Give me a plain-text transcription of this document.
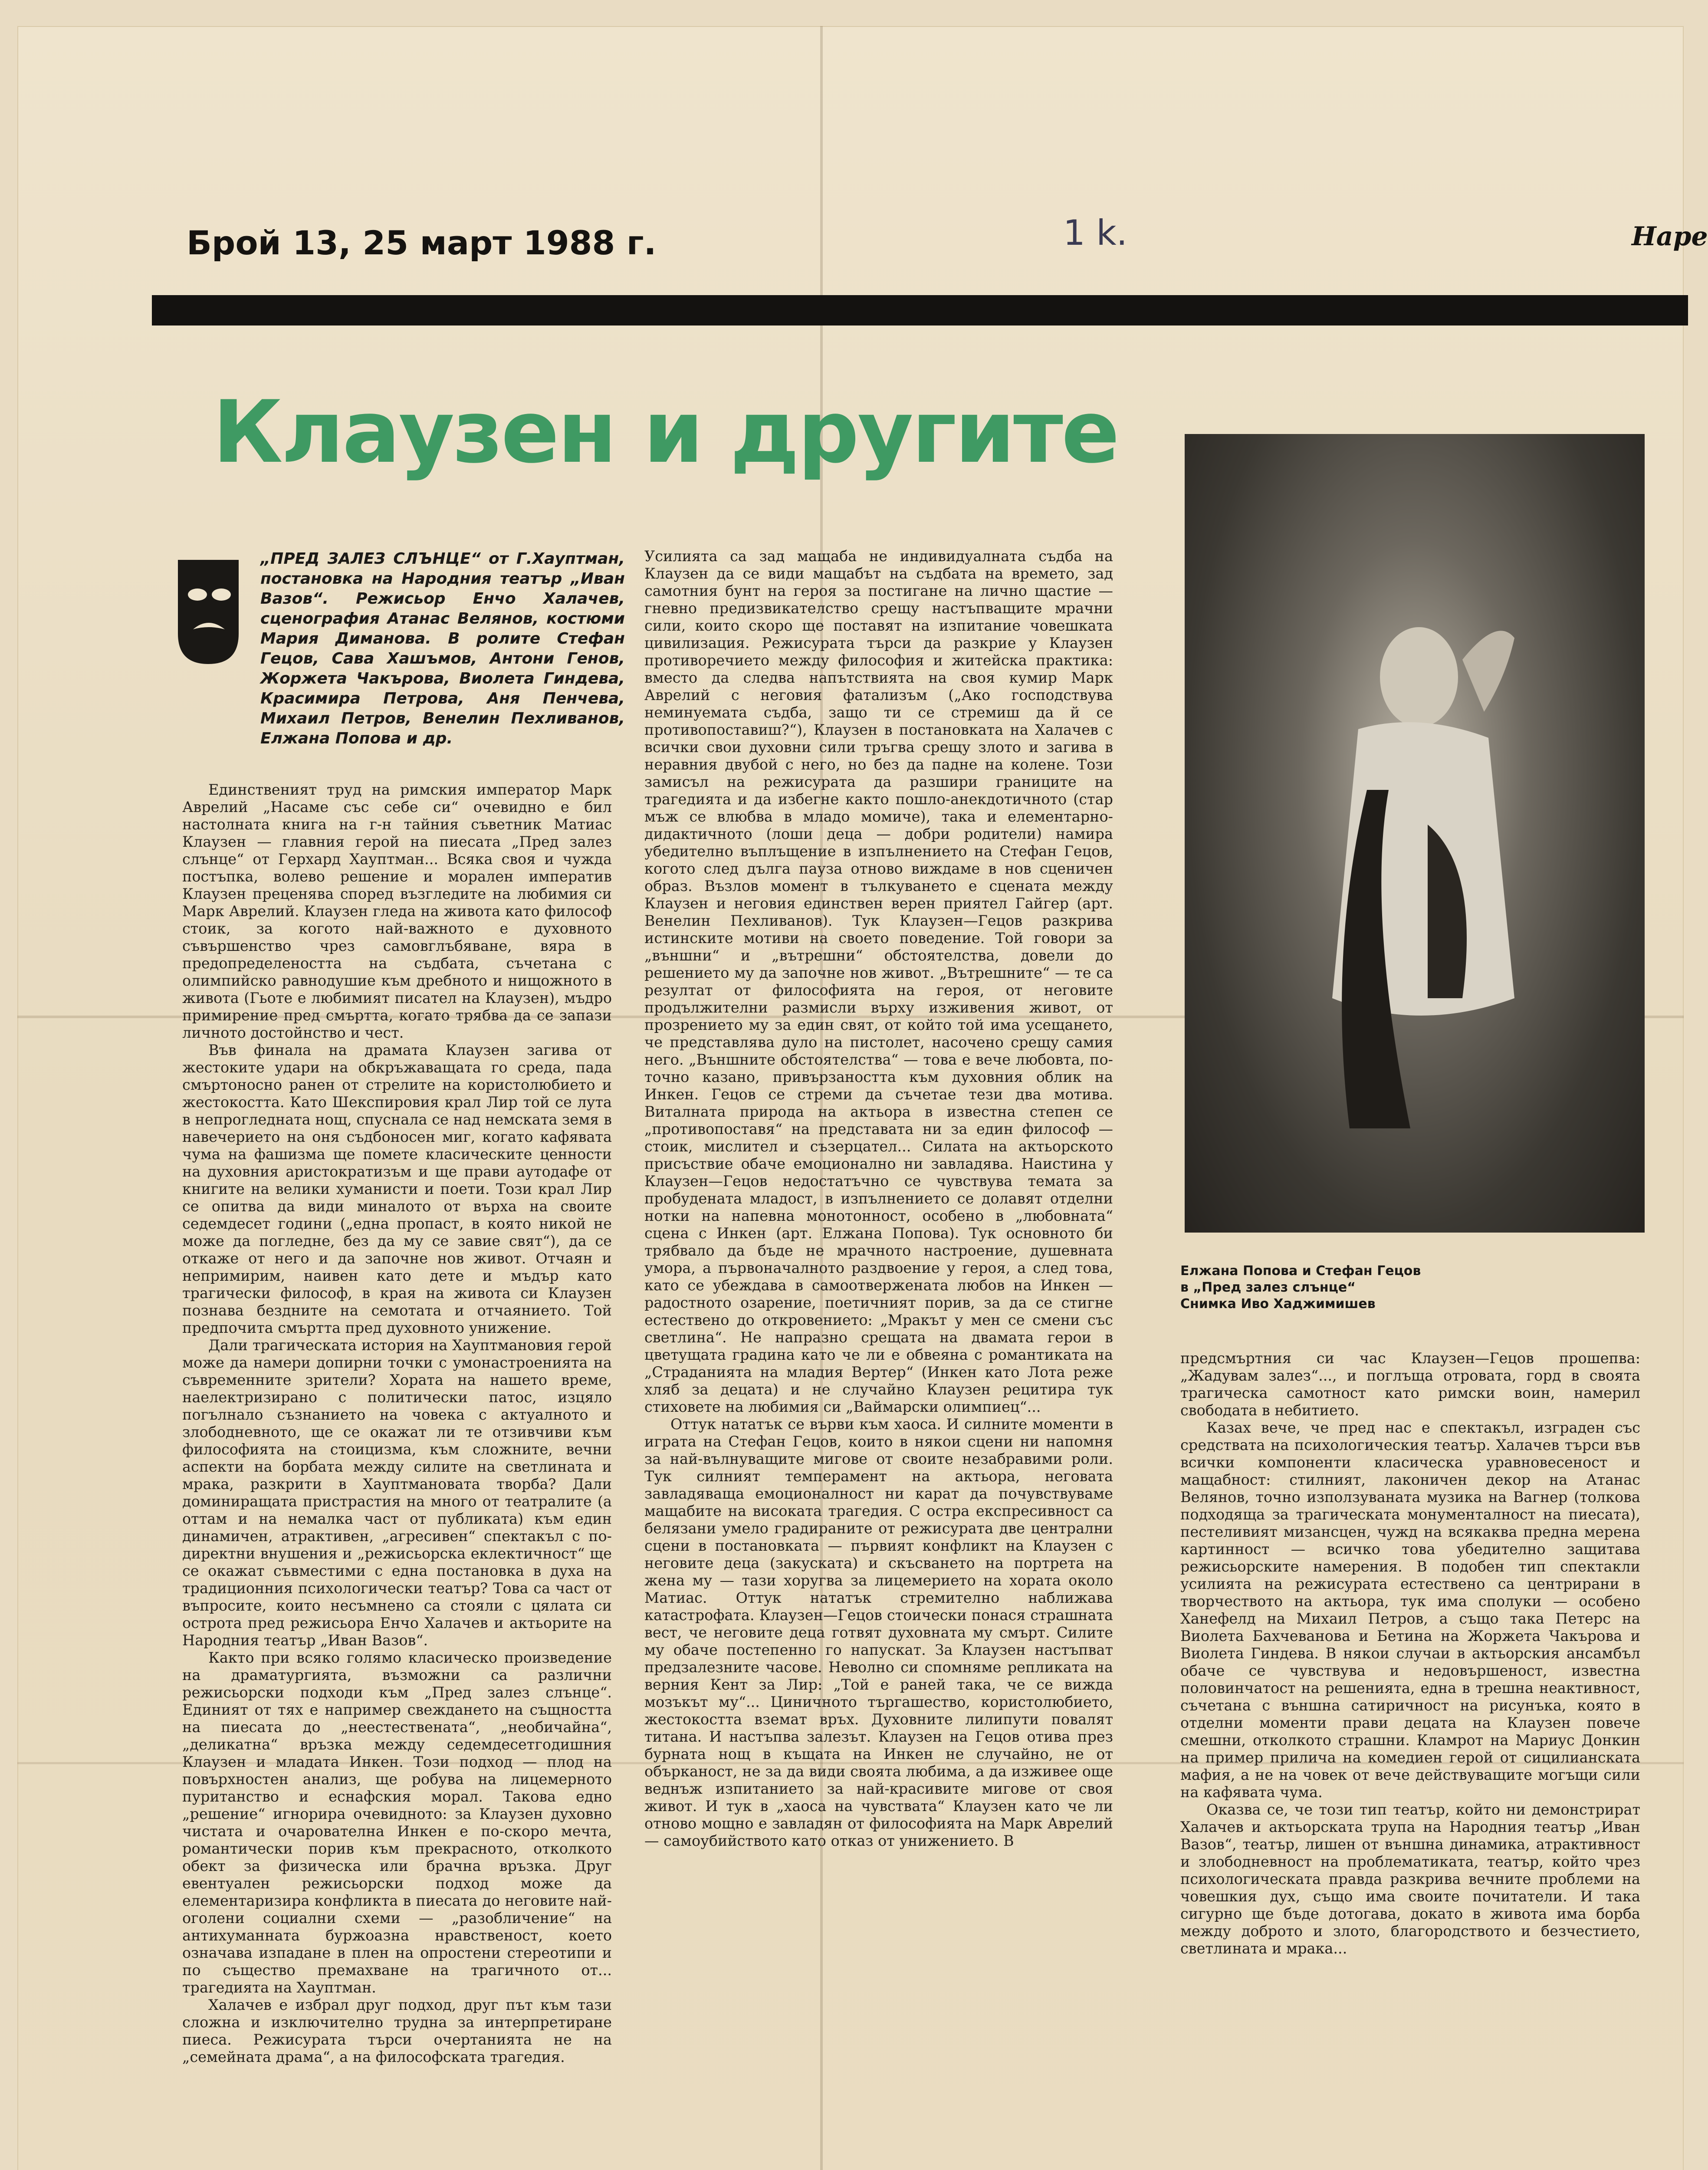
Брой 13, 25 март 1988 г.	1 k.	Наре
Клаузен и другите
„ПРЕД ЗАЛЕЗ СЛЪНЦЕ“ от Г.Хауптман, постановка на Народния театър „Иван Вазов“. Режисьор Енчо Халачев, сценография Атанас Велянов, костюми Мария Диманова. В ролите Стефан Гецов, Сава Хашъмов, Антони Генов, Жоржета Чакърова, Виолета Гиндева, Красимира Петрова, Аня Пенчева, Михаил Петров, Венелин Пехливанов, Елжана Попова и др.

Единственият труд на римския император Марк Аврелий „Насаме със себе си“ очевидно е бил настолната книга на г-н тайния съветник Матиас Клаузен — главния герой на пиесата „Пред залез слънце“ от Герхард Хауптман... Всяка своя и чужда постъпка, волево решение и морален императив Клаузен преценява според възгледите на любимия си Марк Аврелий. Клаузен гледа на живота като философ стоик, за когото най-важното е духовното съвършенство чрез самовглъбяване, вяра в предопределеността на съдбата, съчетана с олимпийско равнодушие към дребното и нищожното в живота (Гьоте е любимият писател на Клаузен), мъдро примирение пред смъртта, когато трябва да се запази личното достойнство и чест.

Във финала на драмата Клаузен загива от жестоките удари на обкръжаващата го среда, пада смъртоносно ранен от стрелите на користолюбието и жестокостта. Като Шекспировия крал Лир той се лута в непрогледната нощ, спуснала се над немската земя в навечерието на оня съдбоносен миг, когато кафявата чума на фашизма ще помете класическите ценности на духовния аристократизъм и ще прави аутодафе от книгите на велики хуманисти и поети. Този крал Лир се опитва да види миналото от върха на своите седемдесет години („една пропаст, в която никой не може да погледне, без да му се завие свят“), да се откаже от него и да започне нов живот. Отчаян и непримирим, наивен като дете и мъдър като трагически философ, в края на живота си Клаузен познава бездните на семотата и отчаянието. Той предпочита смъртта пред духовното унижение.

Дали трагическата история на Хауптмановия герой може да намери допирни точки с умонастроенията на съвременните зрители? Хората на нашето време, наелектризирано с политически патос, изцяло погълнало съзнанието на човека с актуалното и злободневното, ще се окажат ли те отзивчиви към философията на стоицизма, към сложните, вечни аспекти на борбата между силите на светлината и мрака, разкрити в Хауптмановата творба? Дали доминиращата пристрастия на много от театралите (а оттам и на немалка част от публиката) към един динамичен, атрактивен, „агресивен“ спектакъл с по-директни внушения и „режисьорска еклектичност“ ще се окажат съвместими с една постановка в духа на традиционния психологически театър? Това са част от въпросите, които несъмнено са стояли с цялата си острота пред режисьора Енчо Халачев и актьорите на Народния театър „Иван Вазов“.

Както при всяко голямо класическо произведение на драматургията, възможни са различни режисьорски подходи към „Пред залез слънце“. Единият от тях е например свеждането на същността на пиесата до „неестествената“, „необичайна“, „деликатна“ връзка между седемдесетгодишния Клаузен и младата Инкен. Този подход — плод на повърхностен анализ, ще робува на лицемерното пуританство и еснафския морал. Такова едно „решение“ игнорира очевидното: за Клаузен духовно чистата и очарователна Инкен е по-скоро мечта, романтически порив към прекрасното, отколкото обект за физическа или брачна връзка. Друг евентуален режисьорски подход може да елементаризира конфликта в пиесата до неговите най-оголени социални схеми — „разобличение“ на антихуманната буржоазна нравственост, което означава изпадане в плен на опростени стереотипи и по същество премахване на трагичното от... трагедията на Хауптман.

Халачев е избрал друг подход, друг път към тази сложна и изключително трудна за интерпретиране пиеса. Режисурата търси очертанията не на „семейната драма“, а на философската трагедия.

Усилията са зад мащаба не индивидуалната съдба на Клаузен да се види мащабът на съдбата на времето, зад самотния бунт на героя за постигане на лично щастие — гневно предизвикателство срещу настъпващите мрачни сили, които скоро ще поставят на изпитание човешката цивилизация. Режисурата търси да разкрие у Клаузен противоречието между философия и житейска практика: вместо да следва напътствията на своя кумир Марк Аврелий с неговия фатализъм („Ако господствува неминуемата съдба, защо ти се стремиш да й се противопоставиш?“), Клаузен в постановката на Халачев с всички свои духовни сили тръгва срещу злото и загива в неравния двубой с него, но без да падне на колене. Този замисъл на режисурата да разшири границите на трагедията и да избегне както пошло-анекдотичното (стар мъж се влюбва в младо момиче), така и елементарно-дидактичното (лоши деца — добри родители) намира убедително въплъщение в изпълнението на Стефан Гецов, когото след дълга пауза отново виждаме в нов сценичен образ. Възлов момент в тълкуването е сцената между Клаузен и неговия единствен верен приятел Гайгер (арт. Венелин Пехливанов). Тук Клаузен—Гецов разкрива истинските мотиви на своето поведение. Той говори за „външни“ и „вътрешни“ обстоятелства, довели до решението му да започне нов живот. „Вътрешните“ — те са резултат от философията на героя, от неговите продължителни размисли върху изживения живот, от прозрението му за един свят, от който той има усещането, че представлява дуло на пистолет, насочено срещу самия него. „Външните обстоятелства“ — това е вече любовта, по-точно казано, привързаността към духовния облик на Инкен. Гецов се стреми да съчетае тези два мотива. Виталната природа на актьора в известна степен се „противопоставя“ на представата ни за един философ — стоик, мислител и съзерцател... Силата на актьорското присъствие обаче емоционално ни завладява. Наистина у Клаузен—Гецов недостатъчно се чувствува темата за пробудената младост, в изпълнението се долавят отделни нотки на напевна монотонност, особено в „любовната“ сцена с Инкен (арт. Елжана Попова). Тук основното би трябвало да бъде не мрачното настроение, душевната умора, а първоначалното раздвоение у героя, а след това, като се убеждава в самоотвержената любов на Инкен — радостното озарение, поетичният порив, за да се стигне естествено до откровението: „Мракът у мен се смени със светлина“. Не напразно срещата на двамата герои в цветущата градина като че ли е обвеяна с романтиката на „Страданията на младия Вертер“ (Инкен като Лота реже хляб за децата) и не случайно Клаузен рецитира тук стиховете на любимия си „Ваймарски олимпиец“...

Оттук нататък се върви към хаоса. И силните моменти в играта на Стефан Гецов, които в някои сцени ни напомня за най-вълнуващите мигове от своите незабравими роли. Тук силният темперамент на актьора, неговата завладяваща емоционалност ни карат да почувствуваме мащабите на високата трагедия. С остра експресивност са белязани умело градираните от режисурата две централни сцени в постановката — първият конфликт на Клаузен с неговите деца (закуската) и скъсването на портрета на жена му — тази хоругва за лицемерието на хората около Матиас. Оттук нататък стремително наближава катастрофата. Клаузен—Гецов стоически понася страшната вест, че неговите деца готвят духовната му смърт. Силите му обаче постепенно го напускат. За Клаузен настъпват предзалезните часове. Неволно си спомняме репликата на верния Кент за Лир: „Той е раней така, че се вижда мозъкът му“... Циничното търгашество, користолюбието, жестокостта вземат връх. Духовните лилипути повалят титана. И настъпва залезът. Клаузен на Гецов отива през бурната нощ в къщата на Инкен не случайно, не от обърканост, не за да види своята любима, а да изживее още веднъж изпитанието за най-красивите мигове от своя живот. И тук в „хаоса на чувствата“ Клаузен като че ли отново мощно е завладян от философията на Марк Аврелий — самоубийството като отказ от унижението. В

Елжана Попова и Стефан Гецов
в „Пред залез слънце“
Снимка Иво Хаджимишев

предсмъртния си час Клаузен—Гецов прошепва: „Жадувам залез“..., и поглъща отровата, горд в своята трагическа самотност като римски воин, намерил свободата в небитието.

Казах вече, че пред нас е спектакъл, изграден със средствата на психологическия театър. Халачев търси във всички компоненти класическа уравновесеност и мащабност: стилният, лаконичен декор на Атанас Велянов, точно използуваната музика на Вагнер (толкова подходяща за трагическата монументалност на пиесата), пестеливият мизансцен, чужд на всякаква предна мерена картинност — всичко това убедително защитава режисьорските намерения. В подобен тип спектакли усилията на режисурата естествено са центрирани в творчеството на актьора, тук има сполуки — особено Ханефелд на Михаил Петров, а също така Петерс на Виолета Бахчеванова и Бетина на Жоржета Чакърова и Виолета Гиндева. В някои случаи в актьорския ансамбъл обаче се чувствува и недовършеност, известна половинчатост на решенията, една в трешна неактивност, съчетана с външна сатиричност на рисунъка, която в отделни моменти прави децата на Клаузен повече смешни, отколкото страшни. Кламрот на Мариус Донкин на пример прилича на комедиен герой от сицилианската мафия, а не на човек от вече действуващите могъщи сили на кафявата чума.

Оказва се, че този тип театър, който ни демонстрират Халачев и актьорската трупа на Народния театър „Иван Вазов“, театър, лишен от външна динамика, атрактивност и злободневност на проблематиката, театър, който чрез психологическата правда разкрива вечните проблеми на човешкия дух, също има своите почитатели. И така сигурно ще бъде дотогава, докато в живота има борба между доброто и злото, благородството и безчестието, светлината и мрака...
